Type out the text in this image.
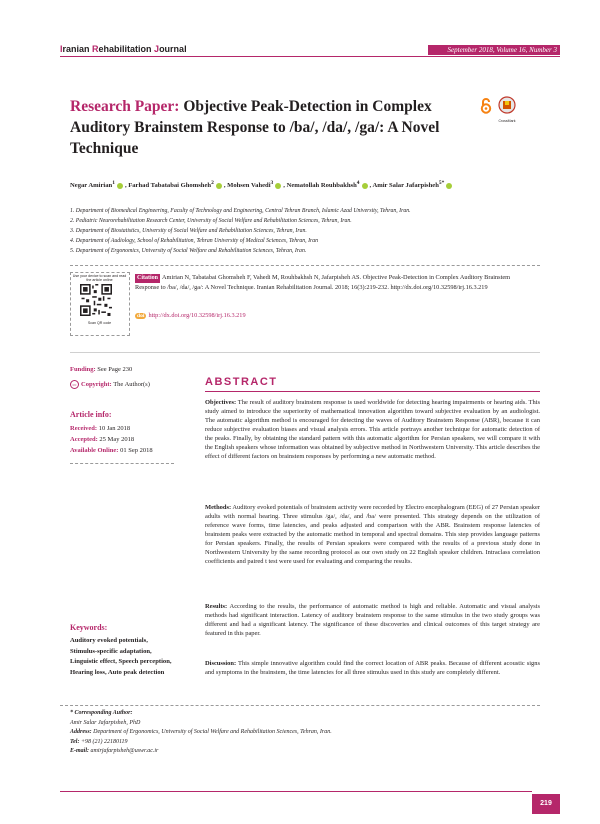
Iranian Rehabilitation Journal	September 2018, Volume 16, Number 3
Research Paper: Objective Peak-Detection in Complex Auditory Brainstem Response to /ba/, /da/, /ga/: A Novel Technique
CrossMark
Negar Amirian$^1$ , Farhad Tabatabai Ghomsheh$^2$ , Mohsen Vahedi$^3$ , Nematollah Rouhbakhsh$^4$ , Amir Salar Jafarpisheh$^{5*}$
1. Department of Biomedical Engineering, Faculty of Technology and Engineering, Central Tehran Branch, Islamic Azad University, Tehran, Iran.
2. Pediatric Neurorehabilitation Research Center, University of Social Welfare and Rehabilitation Sciences, Tehran, Iran.
3. Department of Biostatistics, University of Social Welfare and Rehabilitation Sciences, Tehran, Iran.
4. Department of Audiology, School of Rehabilitation, Tehran University of Medical Sciences, Tehran, Iran
5. Department of Ergonomics, University of Social Welfare and Rehabilitation Sciences, Tehran, Iran.
Use your device to scan and read the article online
Scan QR code
Citation Amirian N, Tabatabai Ghomsheh F, Vahedi M, Rouhbakhsh N, Jafarpisheh AS. Objective Peak-Detection in Complex Auditory Brainstem Response to /ba/, /da/, /ga/: A Novel Technique. Iranian Rehabilitation Journal. 2018; 16(3):219-232. http://dx.doi.org/10.32598/irj.16.3.219
doi http://dx.doi.org/10.32598/irj.16.3.219
Funding: See Page 230
cc Copyright: The Author(s)
Article info:
Received: 10 Jan 2018
Accepted: 25 May 2018
Available Online: 01 Sep 2018
Keywords:
Auditory evoked potentials, Stimulus-specific adaptation, Linguistic effect, Speech perception, Hearing loss, Auto peak detection
ABSTRACT
Objectives: The result of auditory brainstem response is used worldwide for detecting hearing impairments or hearing aids. This study aimed to introduce the superiority of mathematical innovation algorithm toward subjective evaluation by an audiologist. The automatic algorithm method is encouraged for detecting the waves of Auditory Brainstem Response (ABR), because it can reduce subjective evaluation biases and visual analysis errors. This article portrays another technique for automatic detection of the peaks. Finally, by obtaining the standard pattern with this automatic algorithm for Persian speakers, we will compare it with the English speakers whose information was obtained by subjective method in Northwestern University. This article describes the effect of different factors on brainstem responses by performing a new automatic method.
Methods: Auditory evoked potentials of brainstem activity were recorded by Electro encephalogram (EEG) of 27 Persian speaker adults with normal hearing. Three stimulus /ga/, /da/, and /ba/ were presented. This strategy depends on the utilization of reference wave forms, time latencies, and peaks adjusted and comparison with the ABR. Brainstem response latencies of brainstem peaks were extracted by the automatic method in temporal and spectral domains. This step provides language patterns for Persian speakers. Finally, the results of Persian speakers were compared with the results of a previous study done in Northwestern University by the same recording protocol as our own study on 22 English speaker children. Intraclass correlation coefficients and paired t test were used for evaluating and comparing the results.
Results: According to the results, the performance of automatic method is high and reliable. Automatic and visual analysis methods had significant interaction. Latency of auditory brainstem response to the same stimulus in the two study groups was different and had a significant latency. The significance of these discoveries and clinical outcomes of this target strategy are featured in this paper.
Discussion: This simple innovative algorithm could find the correct location of ABR peaks. Because of different acoustic signs and symptoms in the brainstem, the time latencies for all three stimulus used in this study are completely different.
* Corresponding Author:
Amir Salar Jafarpisheh, PhD
Address: Department of Ergonomics, University of Social Welfare and Rehabilitation Sciences, Tehran, Iran.
Tel: +98 (21) 22180119
E-mail: amirjafarpisheh@uswr.ac.ir
219
